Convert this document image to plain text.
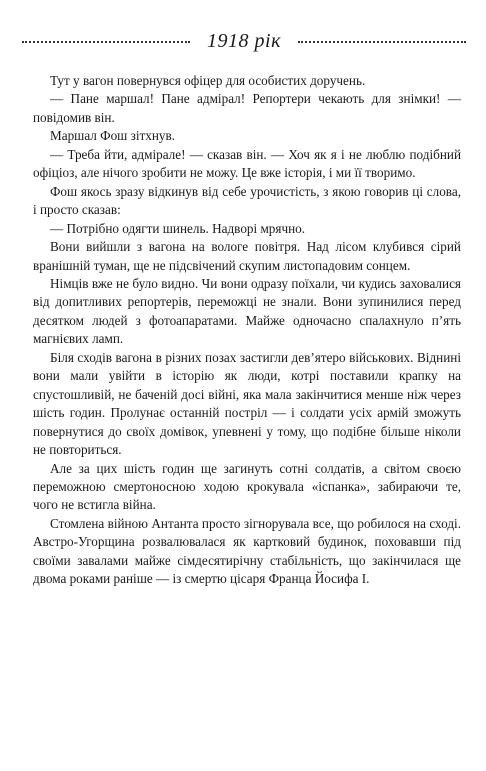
1918 рік

Тут у вагон повернувся офіцер для особистих доручень.

— Пане маршал! Пане адмірал! Репортери чекають для знімки! — повідомив він.

Маршал Фош зітхнув.

— Треба йти, адмірале! — сказав він. — Хоч як я і не люблю подібний офіціоз, але нічого зробити не можу. Це вже історія, і ми її творимо.

Фош якось зразу відкинув від себе урочистість, з якою говорив ці слова, і просто сказав:

— Потрібно одягти шинель. Надворі мрячно.

Вони вийшли з вагона на вологе повітря. Над лісом клубився сірий вранішній туман, ще не підсвічений скупим листопадовим сонцем.

Німців вже не було видно. Чи вони одразу поїхали, чи кудись заховалися від допитливих репортерів, переможці не знали. Вони зупинилися перед десятком людей з фотоапаратами. Майже одночасно спалахнуло п’ять магнієвих ламп.

Біля сходів вагона в різних позах застигли дев’ятеро військових. Віднині вони мали увійти в історію як люди, котрі поставили крапку на спустошливій, не баченій досі війні, яка мала закінчитися менше ніж через шість годин. Пролунає останній постріл — і солдати усіх армій зможуть повернутися до своїх домівок, упевнені у тому, що подібне більше ніколи не повториться.

Але за цих шість годин ще загинуть сотні солдатів, а світом своєю переможною смертоносною ходою крокувала «іспанка», забираючи те, чого не встигла війна.

Стомлена війною Антанта просто зігнорувала все, що робилося на сході. Австро-Угорщина розвалювалася як картковий будинок, поховавши під своїми завалами майже сімдесятирічну стабільність, що закінчилася ще двома роками раніше — із смертю цісаря Франца Йосифа І.
